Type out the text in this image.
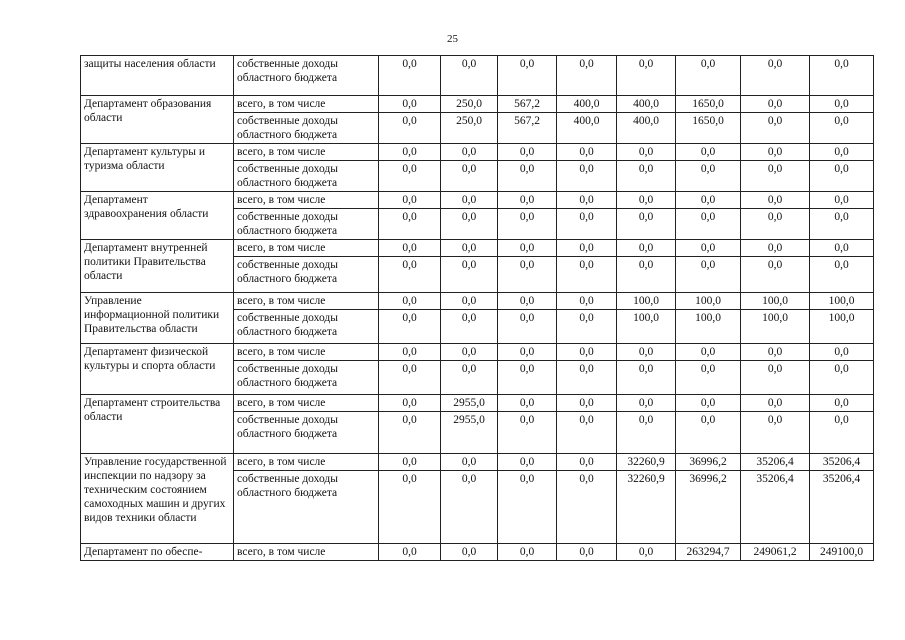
25
защиты населения области	собственные доходы областного бюджета	0,0	0,0	0,0	0,0	0,0	0,0	0,0	0,0
Департамент образования области	всего, в том числе	0,0	250,0	567,2	400,0	400,0	1650,0	0,0	0,0
	собственные доходы областного бюджета	0,0	250,0	567,2	400,0	400,0	1650,0	0,0	0,0
Департамент культуры и туризма области	всего, в том числе	0,0	0,0	0,0	0,0	0,0	0,0	0,0	0,0
	собственные доходы областного бюджета	0,0	0,0	0,0	0,0	0,0	0,0	0,0	0,0
Департамент здравоохранения области	всего, в том числе	0,0	0,0	0,0	0,0	0,0	0,0	0,0	0,0
	собственные доходы областного бюджета	0,0	0,0	0,0	0,0	0,0	0,0	0,0	0,0
Департамент внутренней политики Правительства области	всего, в том числе	0,0	0,0	0,0	0,0	0,0	0,0	0,0	0,0
	собственные доходы областного бюджета	0,0	0,0	0,0	0,0	0,0	0,0	0,0	0,0
Управление информационной политики Правительства области	всего, в том числе	0,0	0,0	0,0	0,0	100,0	100,0	100,0	100,0
	собственные доходы областного бюджета	0,0	0,0	0,0	0,0	100,0	100,0	100,0	100,0
Департамент физической культуры и спорта области	всего, в том числе	0,0	0,0	0,0	0,0	0,0	0,0	0,0	0,0
	собственные доходы областного бюджета	0,0	0,0	0,0	0,0	0,0	0,0	0,0	0,0
Департамент строительства области	всего, в том числе	0,0	2955,0	0,0	0,0	0,0	0,0	0,0	0,0
	собственные доходы областного бюджета	0,0	2955,0	0,0	0,0	0,0	0,0	0,0	0,0
Управление государственной инспекции по надзору за техническим состоянием самоходных машин и других видов техники области	всего, в том числе	0,0	0,0	0,0	0,0	32260,9	36996,2	35206,4	35206,4
	собственные доходы областного бюджета	0,0	0,0	0,0	0,0	32260,9	36996,2	35206,4	35206,4
Департамент по обеспе-	всего, в том числе	0,0	0,0	0,0	0,0	0,0	263294,7	249061,2	249100,0
